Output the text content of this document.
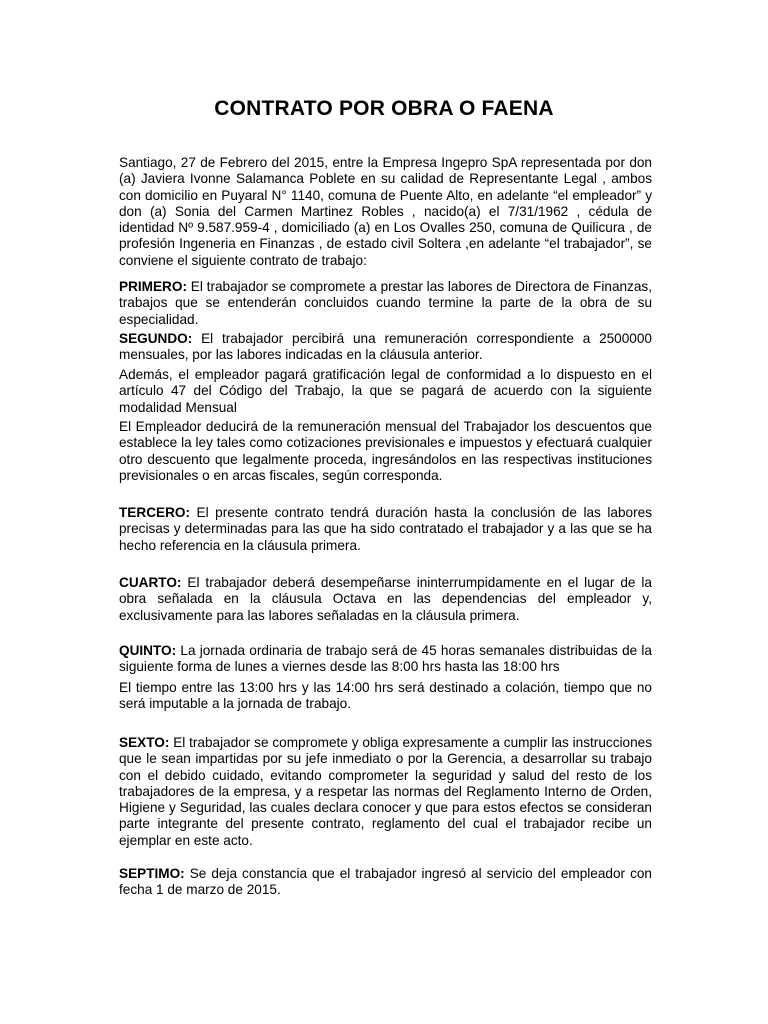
CONTRATO POR OBRA O FAENA

Santiago, 27 de Febrero del 2015, entre la Empresa Ingepro SpA representada por don (a) Javiera Ivonne Salamanca Poblete en su calidad de Representante Legal , ambos con domicilio en Puyaral N° 1140, comuna de Puente Alto, en adelante “el empleador” y don (a) Sonia del Carmen Martinez Robles , nacido(a) el 7/31/1962 , cédula de identidad Nº 9.587.959-4 , domiciliado (a) en Los Ovalles 250, comuna de Quilicura , de profesión Ingeneria en Finanzas , de estado civil Soltera ,en adelante “el trabajador”, se conviene el siguiente contrato de trabajo:

PRIMERO: El trabajador se compromete a prestar las labores de Directora de Finanzas, trabajos que se entenderán concluidos cuando termine la parte de la obra de su especialidad.

SEGUNDO: El trabajador percibirá una remuneración correspondiente a 2500000 mensuales, por las labores indicadas en la cláusula anterior.

Además, el empleador pagará gratificación legal de conformidad a lo dispuesto en el artículo 47 del Código del Trabajo, la que se pagará de acuerdo con la siguiente modalidad Mensual

El Empleador deducirá de la remuneración mensual del Trabajador los descuentos que establece la ley tales como cotizaciones previsionales e impuestos y efectuará cualquier otro descuento que legalmente proceda, ingresándolos en las respectivas instituciones previsionales o en arcas fiscales, según corresponda.

TERCERO: El presente contrato tendrá duración hasta la conclusión de las labores precisas y determinadas para las que ha sido contratado el trabajador y a las que se ha hecho referencia en la cláusula primera.

CUARTO: El trabajador deberá desempeñarse ininterrumpidamente en el lugar de la obra señalada en la cláusula Octava en las dependencias del empleador y, exclusivamente para las labores señaladas en la cláusula primera.

QUINTO: La jornada ordinaria de trabajo será de 45 horas semanales distribuidas de la siguiente forma de lunes a viernes desde las 8:00 hrs hasta las 18:00 hrs

El tiempo entre las 13:00 hrs y las 14:00 hrs será destinado a colación, tiempo que no será imputable a la jornada de trabajo.

SEXTO: El trabajador se compromete y obliga expresamente a cumplir las instrucciones que le sean impartidas por su jefe inmediato o por la Gerencia, a desarrollar su trabajo con el debido cuidado, evitando comprometer la seguridad y salud del resto de los trabajadores de la empresa, y a respetar las normas del Reglamento Interno de Orden, Higiene y Seguridad, las cuales declara conocer y que para estos efectos se consideran parte integrante del presente contrato, reglamento del cual el trabajador recibe un ejemplar en este acto.

SEPTIMO: Se deja constancia que el trabajador ingresó al servicio del empleador con fecha 1 de marzo de 2015.
